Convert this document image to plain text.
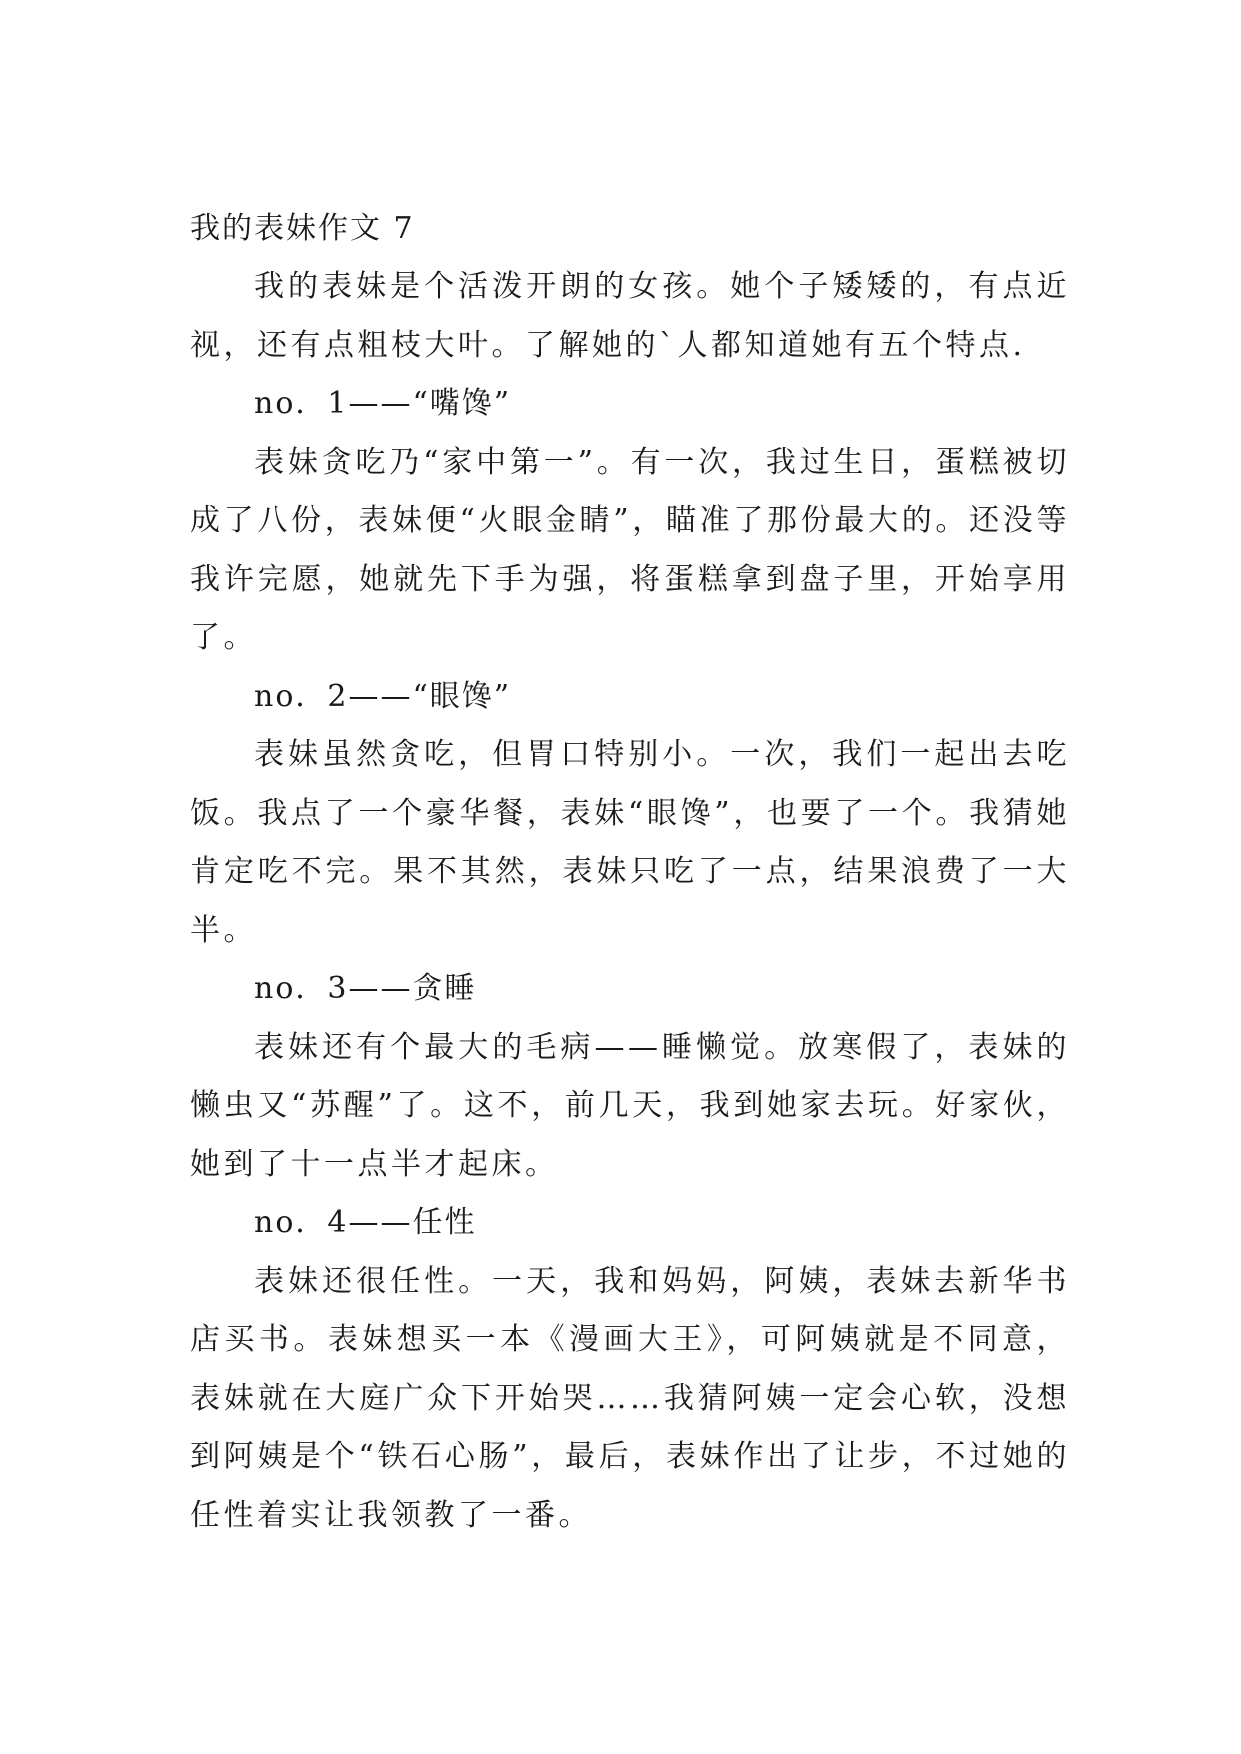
我的表妹作文 7

我的表妹是个活泼开朗的女孩。她个子矮矮的，有点近视，还有点粗枝大叶。了解她的`人都知道她有五个特点.

no．1——“嘴馋”

表妹贪吃乃“家中第一”。有一次，我过生日，蛋糕被切成了八份，表妹便“火眼金睛”，瞄准了那份最大的。还没等我许完愿，她就先下手为强，将蛋糕拿到盘子里，开始享用了。

no．2——“眼馋”

表妹虽然贪吃，但胃口特别小。一次，我们一起出去吃饭。我点了一个豪华餐，表妹“眼馋”，也要了一个。我猜她肯定吃不完。果不其然，表妹只吃了一点，结果浪费了一大半。

no．3——贪睡

表妹还有个最大的毛病——睡懒觉。放寒假了，表妹的懒虫又“苏醒”了。这不，前几天，我到她家去玩。好家伙，她到了十一点半才起床。

no．4——任性

表妹还很任性。一天，我和妈妈，阿姨，表妹去新华书店买书。表妹想买一本《漫画大王》，可阿姨就是不同意，表妹就在大庭广众下开始哭……我猜阿姨一定会心软，没想到阿姨是个“铁石心肠”，最后，表妹作出了让步，不过她的任性着实让我领教了一番。
